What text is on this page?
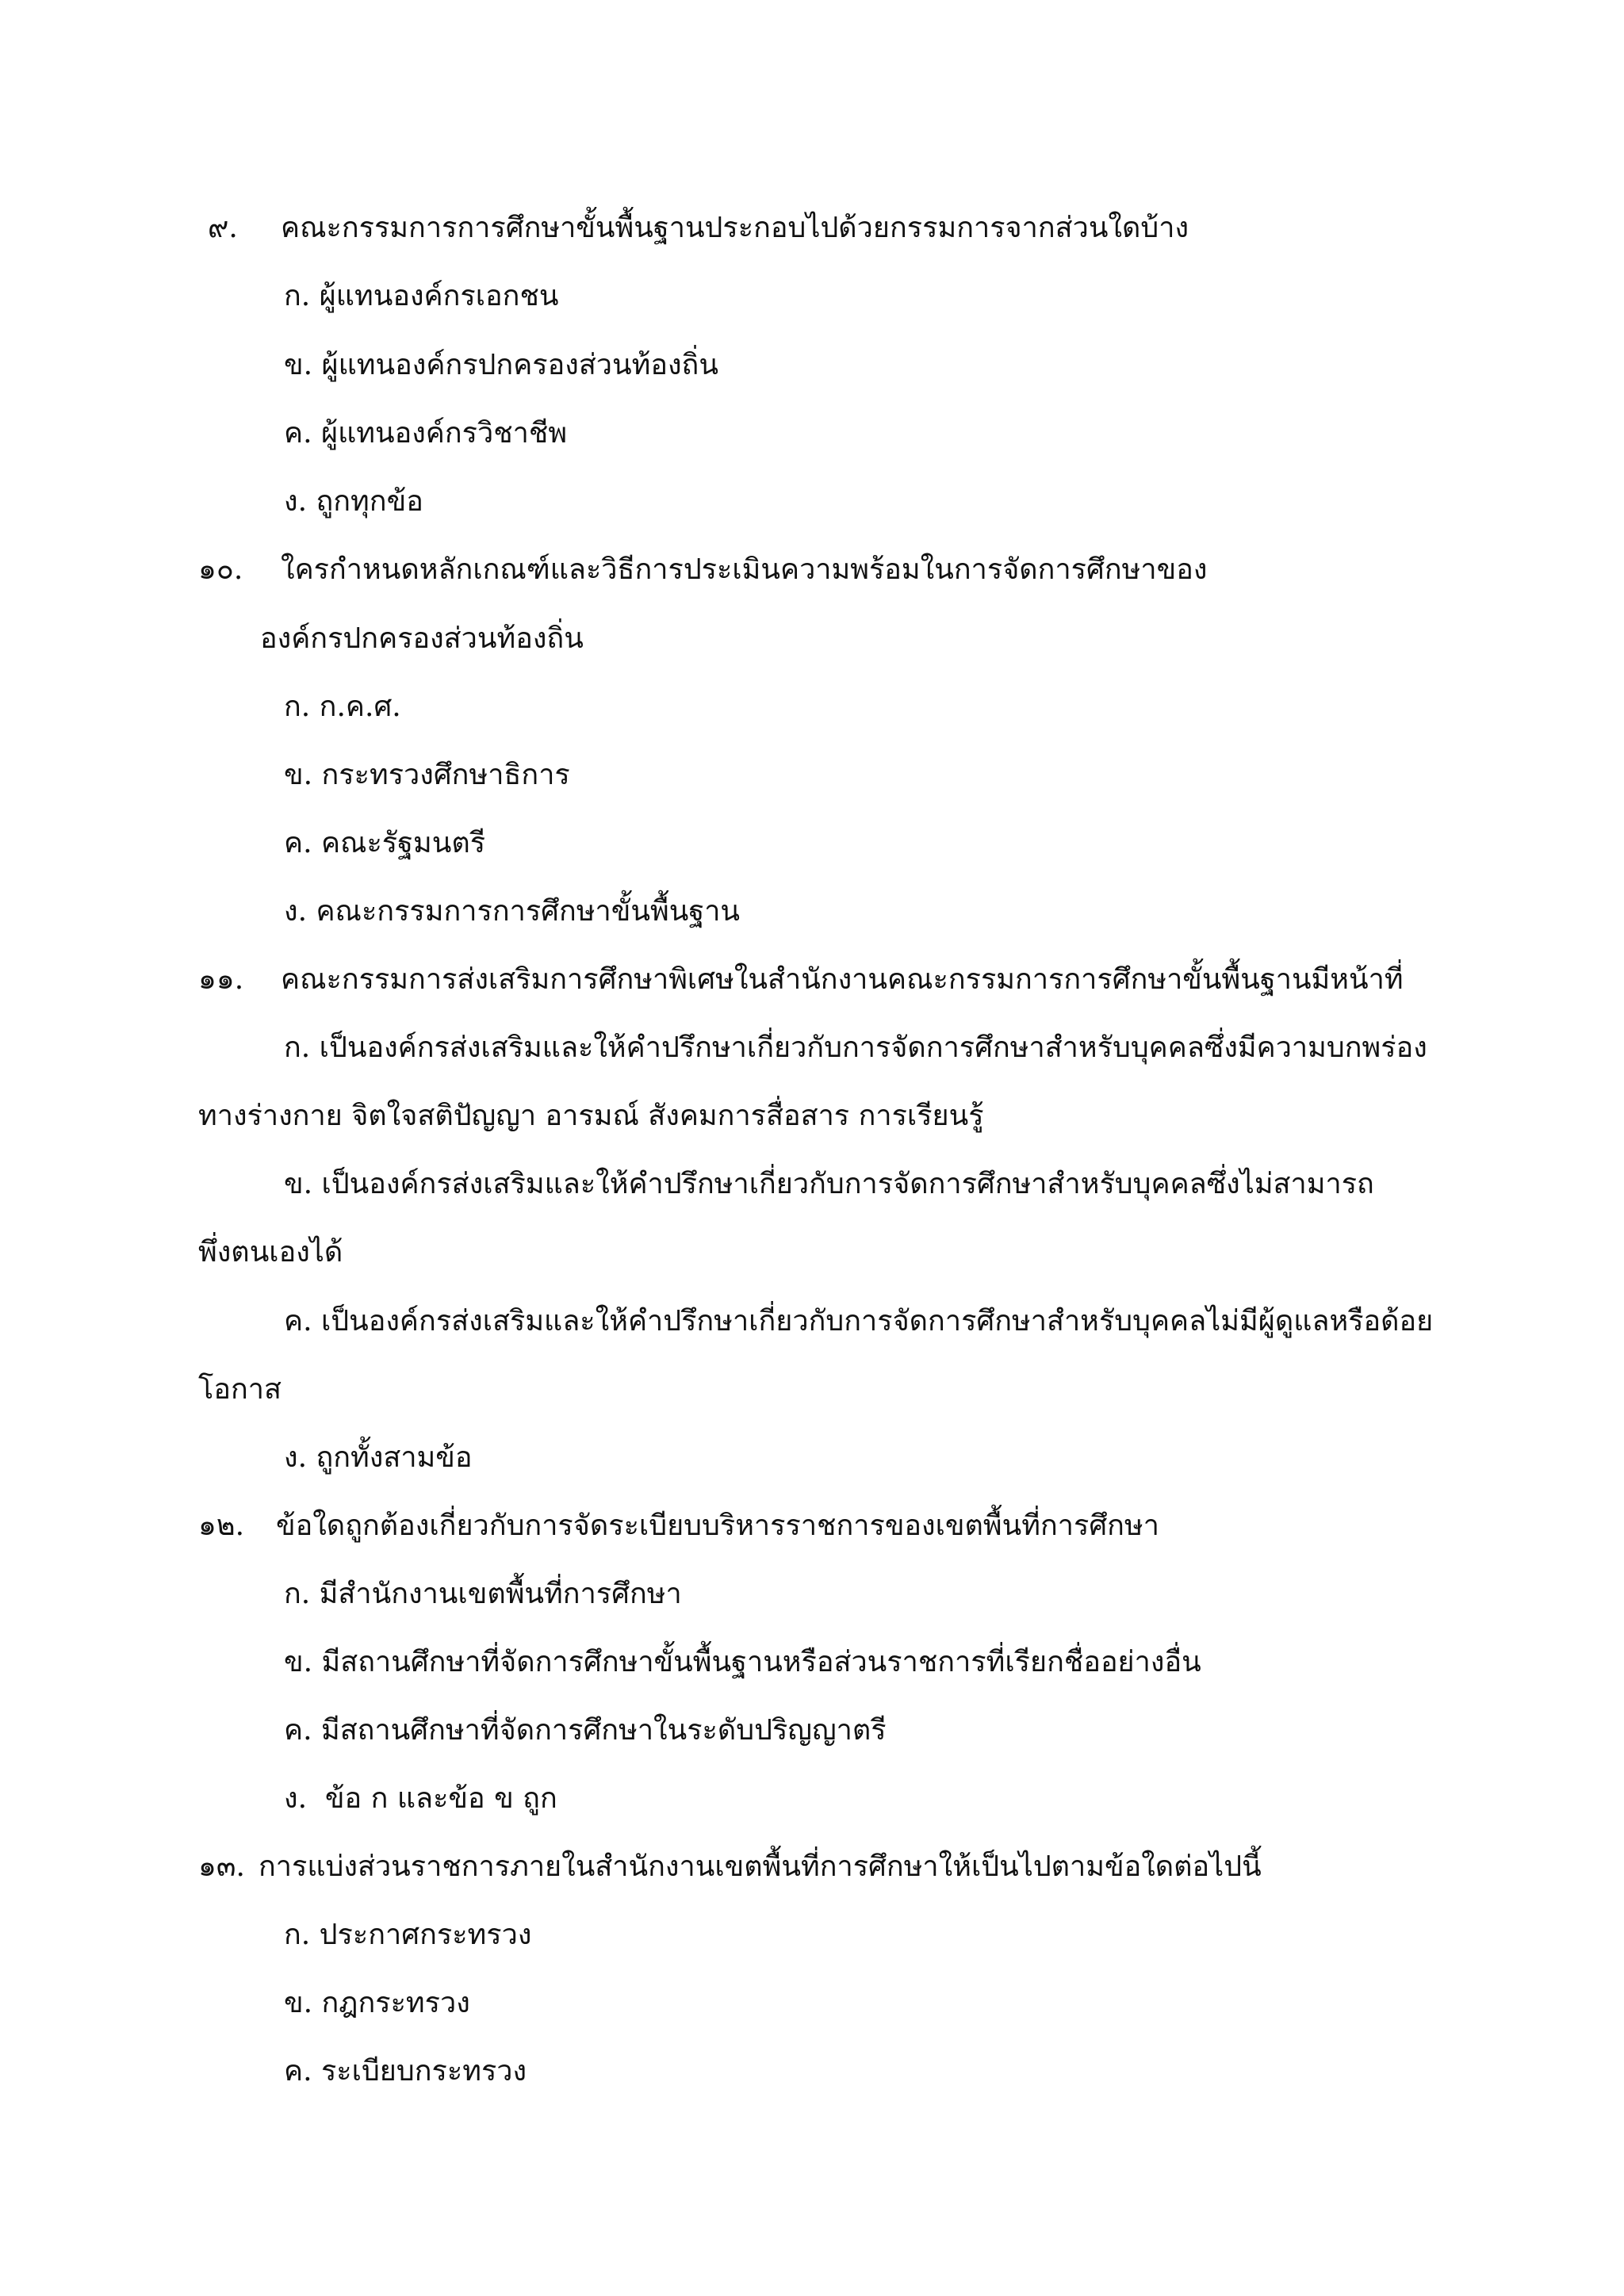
๙. คณะกรรมการการศึกษาขั้นพื้นฐานประกอบไปด้วยกรรมการจากส่วนใดบ้าง
ก. ผู้แทนองค์กรเอกชน
ข. ผู้แทนองค์กรปกครองส่วนท้องถิ่น
ค. ผู้แทนองค์กรวิชาชีพ
ง. ถูกทุกข้อ
๑๐. ใครกำหนดหลักเกณฑ์และวิธีการประเมินความพร้อมในการจัดการศึกษาของ
องค์กรปกครองส่วนท้องถิ่น
ก. ก.ค.ศ.
ข. กระทรวงศึกษาธิการ
ค. คณะรัฐมนตรี
ง. คณะกรรมการการศึกษาขั้นพื้นฐาน
๑๑. คณะกรรมการส่งเสริมการศึกษาพิเศษในสำนักงานคณะกรรมการการศึกษาขั้นพื้นฐานมีหน้าที่
ก. เป็นองค์กรส่งเสริมและให้คำปรึกษาเกี่ยวกับการจัดการศึกษาสำหรับบุคคลซึ่งมีความบกพร่อง
ทางร่างกาย จิตใจสติปัญญา อารมณ์ สังคมการสื่อสาร การเรียนรู้
ข. เป็นองค์กรส่งเสริมและให้คำปรึกษาเกี่ยวกับการจัดการศึกษาสำหรับบุคคลซึ่งไม่สามารถ
พึ่งตนเองได้
ค. เป็นองค์กรส่งเสริมและให้คำปรึกษาเกี่ยวกับการจัดการศึกษาสำหรับบุคคลไม่มีผู้ดูแลหรือด้อย
โอกาส
ง. ถูกทั้งสามข้อ
๑๒. ข้อใดถูกต้องเกี่ยวกับการจัดระเบียบบริหารราชการของเขตพื้นที่การศึกษา
ก. มีสำนักงานเขตพื้นที่การศึกษา
ข. มีสถานศึกษาที่จัดการศึกษาขั้นพื้นฐานหรือส่วนราชการที่เรียกชื่ออย่างอื่น
ค. มีสถานศึกษาที่จัดการศึกษาในระดับปริญญาตรี
ง.  ข้อ ก และข้อ ข ถูก
๑๓. การแบ่งส่วนราชการภายในสำนักงานเขตพื้นที่การศึกษาให้เป็นไปตามข้อใดต่อไปนี้
ก. ประกาศกระทรวง
ข. กฎกระทรวง
ค. ระเบียบกระทรวง
